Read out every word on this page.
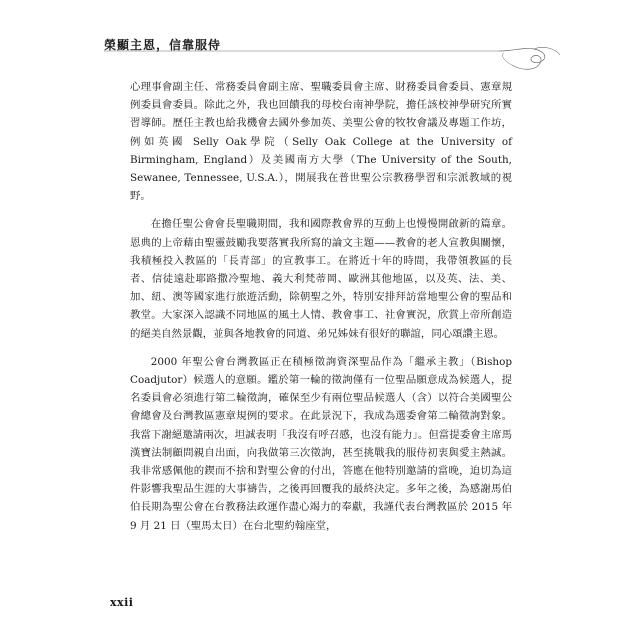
榮顯主恩，信靠服侍

心理事會副主任、常務委員會副主席、聖職委員會主席、財務委員會委員、憲章規例委員會委員。除此之外，我也回饋我的母校台南神學院，擔任該校神學研究所實習導師。歷任主教也給我機會去國外參加英、美聖公會的牧牧會議及專題工作坊，例如英國 Selly Oak學院（Selly Oak College at the University of Birmingham, England）及美國南方大學（The University of the South, Sewanee, Tennessee, U.S.A.），開展我在普世聖公宗教務學習和宗派教域的視野。

在擔任聖公會會長聖職期間，我和國際教會界的互動上也慢慢開啟新的篇章。恩典的上帝藉由聖靈鼓勵我要落實我所寫的論文主題——教會的老人宣教與關懷，我積極投入教區的「長青部」的宣教事工。在將近十年的時間，我帶領教區的長者、信徒遠赴耶路撒冷聖地、義大利梵蒂岡、歐洲其他地區，以及英、法、美、加、紐、澳等國家進行旅遊活動，除朝聖之外，特別安排拜訪當地聖公會的聖品和教堂。大家深入認識不同地區的風土人情、教會事工、社會實況，欣賞上帝所創造的絕美自然景觀，並與各地教會的同道、弟兄姊妹有很好的聯誼，同心頌讚主恩。

2000 年聖公會台灣教區正在積極徵詢資深聖品作為「繼承主教」（Bishop Coadjutor）候選人的意願。鑑於第一輪的徵詢僅有一位聖品願意成為候選人，提名委員會必須進行第二輪徵詢，確保至少有兩位聖品候選人（含）以符合美國聖公會總會及台灣教區憲章規例的要求。在此景況下，我成為選委會第二輪徵詢對象。我當下謝絕邀請兩次，坦誠表明「我沒有呼召感，也沒有能力」。但當提委會主席馬漢寶法制顧問親自出面，向我做第三次徵詢，甚至挑戰我的服侍初衷與愛主熱誠。我非常感佩他的鍥而不捨和對聖公會的付出，答應在他特別邀請的當晚，迫切為這件影響我聖品生涯的大事禱告，之後再回覆我的最終決定。多年之後，為感謝馬伯伯長期為聖公會在台教務法政運作盡心竭力的奉獻，我謹代表台灣教區於 2015 年 9 月 21 日（聖馬太日）在台北聖約翰座堂，

xxii
